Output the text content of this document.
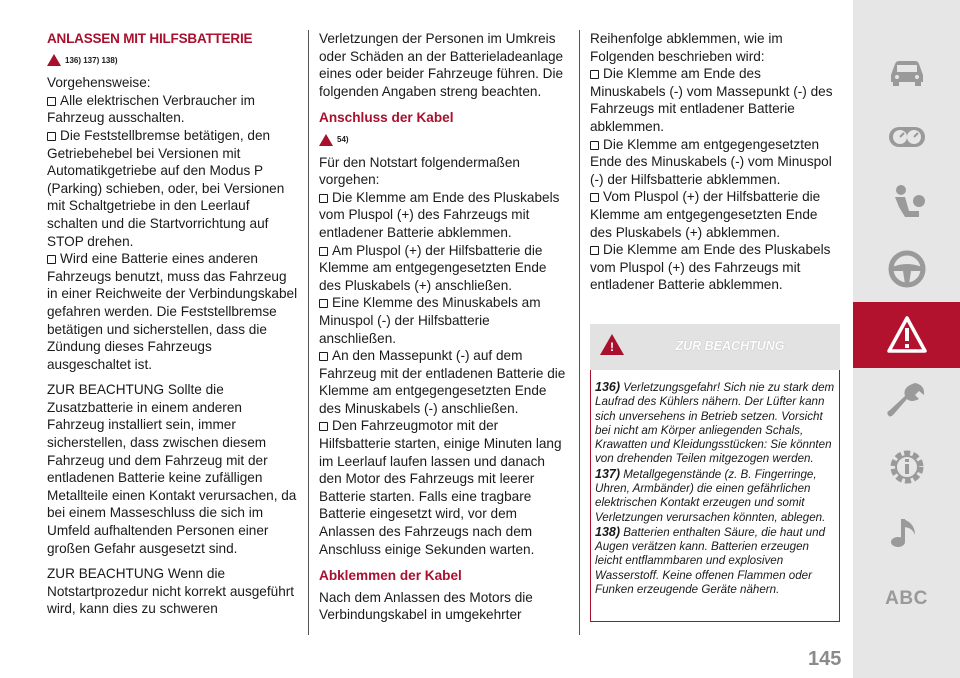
ANLASSEN MIT HILFSBATTERIE
136) 137) 138)

Vorgehensweise:

Alle elektrischen Verbraucher im Fahrzeug ausschalten.

Die Feststellbremse betätigen, den Getriebehebel bei Versionen mit Automatikgetriebe auf den Modus P (Parking) schieben, oder, bei Versionen mit Schaltgetriebe in den Leerlauf schalten und die Startvorrichtung auf STOP drehen.

Wird eine Batterie eines anderen Fahrzeugs benutzt, muss das Fahrzeug in einer Reichweite der Verbindungskabel gefahren werden. Die Feststellbremse betätigen und sicherstellen, dass die Zündung dieses Fahrzeugs ausgeschaltet ist.

ZUR BEACHTUNG Sollte die Zusatzbatterie in einem anderen Fahrzeug installiert sein, immer sicherstellen, dass zwischen diesem Fahrzeug und dem Fahrzeug mit der entladenen Batterie keine zufälligen Metallteile einen Kontakt verursachen, da bei einem Masseschluss die sich im Umfeld aufhaltenden Personen einer großen Gefahr ausgesetzt sind.

ZUR BEACHTUNG Wenn die Notstartprozedur nicht korrekt ausgeführt wird, kann dies zu schweren

Verletzungen der Personen im Umkreis oder Schäden an der Batterieladeanlage eines oder beider Fahrzeuge führen. Die folgenden Angaben streng beachten.

Anschluss der Kabel
54)

Für den Notstart folgendermaßen vorgehen:

Die Klemme am Ende des Pluskabels vom Pluspol (+) des Fahrzeugs mit entladener Batterie abklemmen.

Am Pluspol (+) der Hilfsbatterie die Klemme am entgegengesetzten Ende des Pluskabels (+) anschließen.

Eine Klemme des Minuskabels am Minuspol (-) der Hilfsbatterie anschließen.

An den Massepunkt (-) auf dem Fahrzeug mit der entladenen Batterie die Klemme am entgegengesetzten Ende des Minuskabels (-) anschließen.

Den Fahrzeugmotor mit der Hilfsbatterie starten, einige Minuten lang im Leerlauf laufen lassen und danach den Motor des Fahrzeugs mit leerer Batterie starten. Falls eine tragbare Batterie eingesetzt wird, vor dem Anlassen des Fahrzeugs nach dem Anschluss einige Sekunden warten.

Abklemmen der Kabel

Nach dem Anlassen des Motors die Verbindungskabel in umgekehrter

Reihenfolge abklemmen, wie im Folgenden beschrieben wird:

Die Klemme am Ende des Minuskabels (-) vom Massepunkt (-) des Fahrzeugs mit entladener Batterie abklemmen.

Die Klemme am entgegengesetzten Ende des Minuskabels (-) vom Minuspol (-) der Hilfsbatterie abklemmen.

Vom Pluspol (+) der Hilfsbatterie die Klemme am entgegengesetzten Ende des Pluskabels (+) abklemmen.

Die Klemme am Ende des Pluskabels vom Pluspol (+) des Fahrzeugs mit entladener Batterie abklemmen.

!
ZUR BEACHTUNG

136) Verletzungsgefahr! Sich nie zu stark dem Laufrad des Kühlers nähern. Der Lüfter kann sich unversehens in Betrieb setzen. Vorsicht bei nicht am Körper anliegenden Schals, Krawatten und Kleidungsstücken: Sie könnten von drehenden Teilen mitgezogen werden.

137) Metallgegenstände (z. B. Fingerringe, Uhren, Armbänder) die einen gefährlichen elektrischen Kontakt erzeugen und somit Verletzungen verursachen könnten, ablegen.

138) Batterien enthalten Säure, die haut und Augen verätzen kann. Batterien erzeugen leicht entflammbaren und explosiven Wasserstoff. Keine offenen Flammen oder Funken erzeugende Geräte nähern.	ABC
145
